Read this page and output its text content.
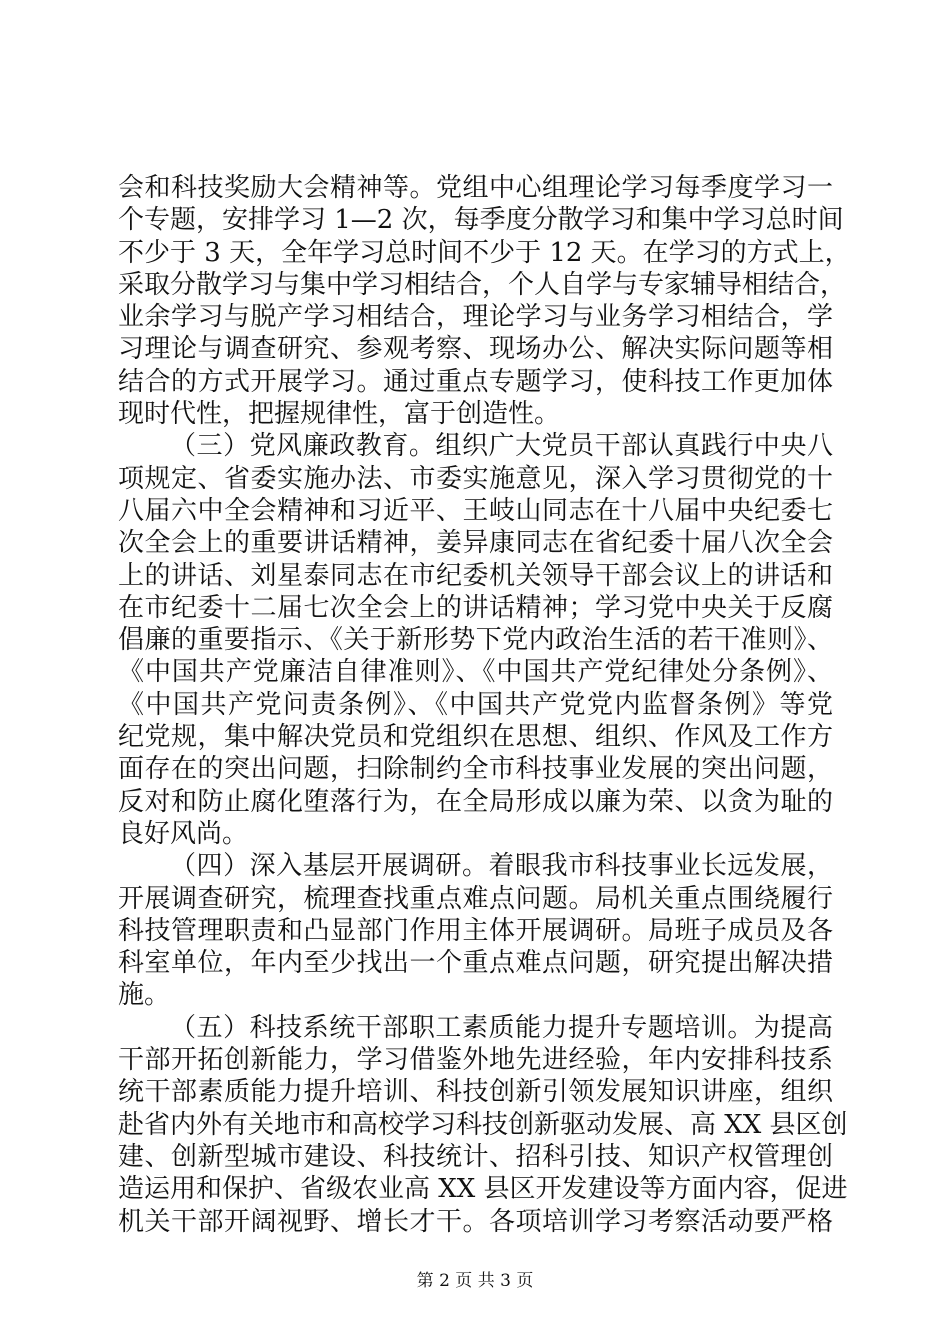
会和科技奖励大会精神等。党组中心组理论学习每季度学习一
个专题，安排学习 1—2 次，每季度分散学习和集中学习总时间
不少于 3 天，全年学习总时间不少于 12 天。在学习的方式上，
采取分散学习与集中学习相结合，个人自学与专家辅导相结合，
业余学习与脱产学习相结合，理论学习与业务学习相结合，学
习理论与调查研究、参观考察、现场办公、解决实际问题等相
结合的方式开展学习。通过重点专题学习，使科技工作更加体
现时代性，把握规律性，富于创造性。
（三）党风廉政教育。组织广大党员干部认真践行中央八
项规定、省委实施办法、市委实施意见，深入学习贯彻党的十
八届六中全会精神和习近平、王岐山同志在十八届中央纪委七
次全会上的重要讲话精神，姜异康同志在省纪委十届八次全会
上的讲话、刘星泰同志在市纪委机关领导干部会议上的讲话和
在市纪委十二届七次全会上的讲话精神；学习党中央关于反腐
倡廉的重要指示、《关于新形势下党内政治生活的若干准则》、
《中国共产党廉洁自律准则》、《中国共产党纪律处分条例》、
《中国共产党问责条例》、《中国共产党党内监督条例》等党
纪党规，集中解决党员和党组织在思想、组织、作风及工作方
面存在的突出问题，扫除制约全市科技事业发展的突出问题，
反对和防止腐化堕落行为，在全局形成以廉为荣、以贪为耻的
良好风尚。
（四）深入基层开展调研。着眼我市科技事业长远发展，
开展调查研究，梳理查找重点难点问题。局机关重点围绕履行
科技管理职责和凸显部门作用主体开展调研。局班子成员及各
科室单位，年内至少找出一个重点难点问题，研究提出解决措
施。
（五）科技系统干部职工素质能力提升专题培训。为提高
干部开拓创新能力，学习借鉴外地先进经验，年内安排科技系
统干部素质能力提升培训、科技创新引领发展知识讲座，组织
赴省内外有关地市和高校学习科技创新驱动发展、高 XX 县区创
建、创新型城市建设、科技统计、招科引技、知识产权管理创
造运用和保护、省级农业高 XX 县区开发建设等方面内容，促进
机关干部开阔视野、增长才干。各项培训学习考察活动要严格
第 2 页 共 3 页
